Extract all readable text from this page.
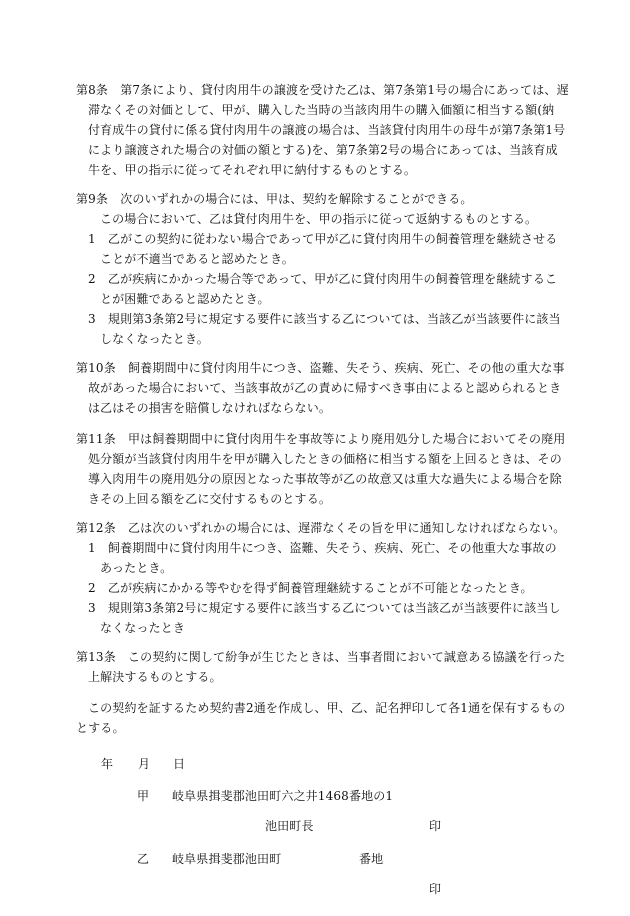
第8条　第7条により、貸付肉用牛の譲渡を受けた乙は、第7条第1号の場合にあっては、遅
滞なくその対価として、甲が、購入した当時の当該肉用牛の購入価額に相当する額(納
付育成牛の貸付に係る貸付肉用牛の譲渡の場合は、当該貸付肉用牛の母牛が第7条第1号
により譲渡された場合の対価の額とする)を、第7条第2号の場合にあっては、当該育成
牛を、甲の指示に従ってそれぞれ甲に納付するものとする。
第9条　次のいずれかの場合には、甲は、契約を解除することができる。
この場合において、乙は貸付肉用牛を、甲の指示に従って返納するものとする。
1　乙がこの契約に従わない場合であって甲が乙に貸付肉用牛の飼養管理を継続させる
ことが不適当であると認めたとき。
2　乙が疾病にかかった場合等であって、甲が乙に貸付肉用牛の飼養管理を継続するこ
とが困難であると認めたとき。
3　規則第3条第2号に規定する要件に該当する乙については、当該乙が当該要件に該当
しなくなったとき。
第10条　飼養期間中に貸付肉用牛につき、盗難、失そう、疾病、死亡、その他の重大な事
故があった場合において、当該事故が乙の責めに帰すべき事由によると認められるとき
は乙はその損害を賠償しなければならない。
第11条　甲は飼養期間中に貸付肉用牛を事故等により廃用処分した場合においてその廃用
処分額が当該貸付肉用牛を甲が購入したときの価格に相当する額を上回るときは、その
導入肉用牛の廃用処分の原因となった事故等が乙の故意又は重大な過失による場合を除
きその上回る額を乙に交付するものとする。
第12条　乙は次のいずれかの場合には、遅滞なくその旨を甲に通知しなければならない。
1　飼養期間中に貸付肉用牛につき、盗難、失そう、疾病、死亡、その他重大な事故の
あったとき。
2　乙が疾病にかかる等やむを得ず飼養管理継続することが不可能となったとき。
3　規則第3条第2号に規定する要件に該当する乙については当該乙が当該要件に該当し
なくなったとき
第13条　この契約に関して紛争が生じたときは、当事者間において誠意ある協議を行った
上解決するものとする。
この契約を証するため契約書2通を作成し、甲、乙、記名押印して各1通を保有するもの
とする。
年 月 日
甲 岐阜県揖斐郡池田町六之井1468番地の1
池田町長	印
乙 岐阜県揖斐郡池田町	番地
印
